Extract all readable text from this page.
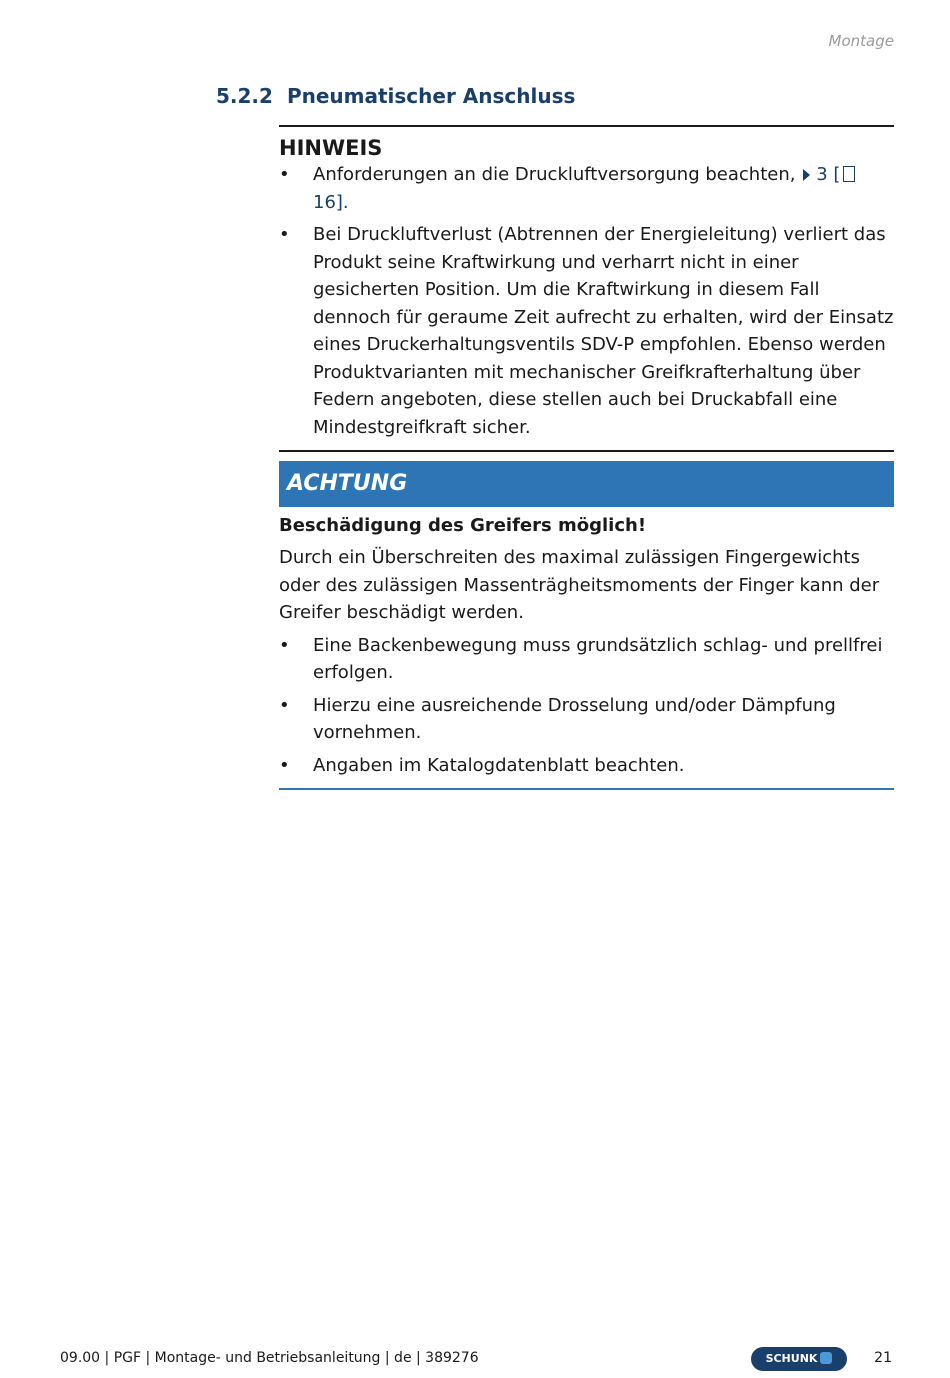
Montage
5.2.2 Pneumatischer Anschluss
HINWEIS
• Anforderungen an die Druckluftversorgung beachten, 3 [16].
• Bei Druckluftverlust (Abtrennen der Energieleitung) verliert das Produkt seine Kraftwirkung und verharrt nicht in einer gesicherten Position. Um die Kraftwirkung in diesem Fall dennoch für geraume Zeit aufrecht zu erhalten, wird der Einsatz eines Druckerhaltungsventils SDV-P empfohlen. Ebenso werden Produktvarianten mit mechanischer Greifkrafterhaltung über Federn angeboten, diese stellen auch bei Druckabfall eine Mindestgreifkraft sicher.
ACHTUNG
Beschädigung des Greifers möglich!
Durch ein Überschreiten des maximal zulässigen Fingergewichts oder des zulässigen Massenträgheitsmoments der Finger kann der Greifer beschädigt werden.
• Eine Backenbewegung muss grundsätzlich schlag- und prellfrei erfolgen.
• Hierzu eine ausreichende Drosselung und/oder Dämpfung vornehmen.
• Angaben im Katalogdatenblatt beachten.
09.00 | PGF | Montage- und Betriebsanleitung | de | 389276	SCHUNK	21
